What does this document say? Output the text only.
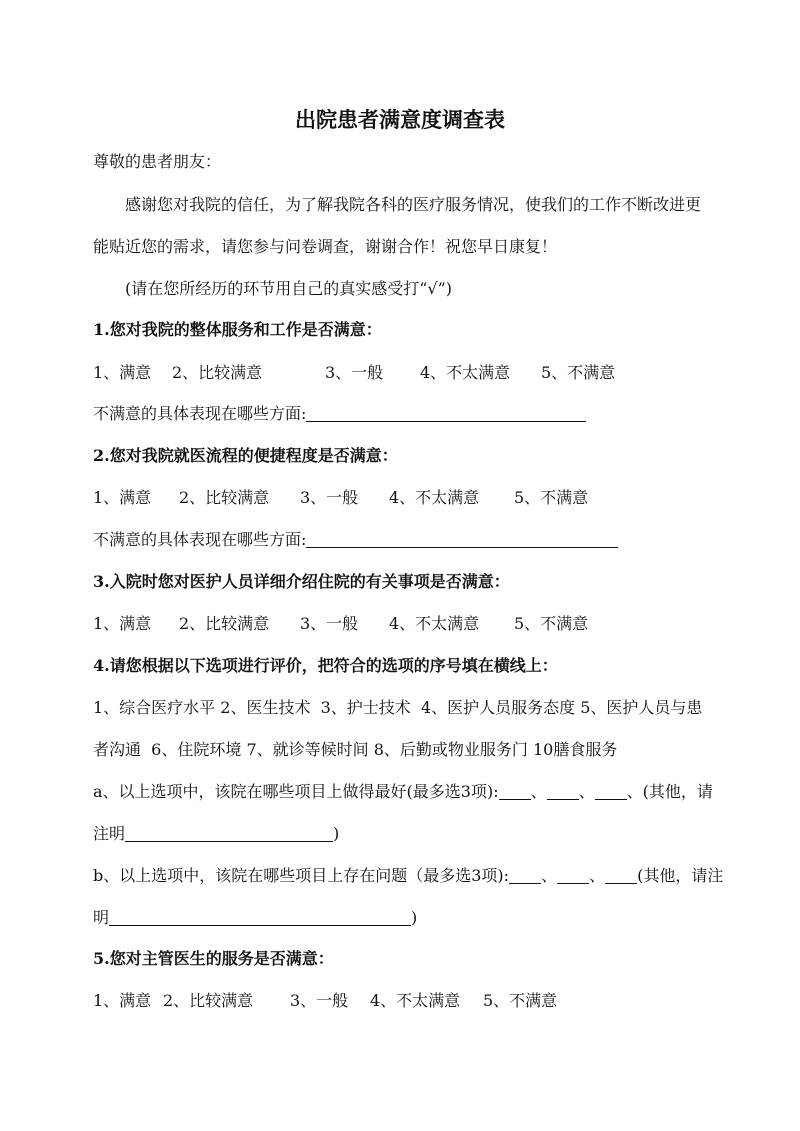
出院患者满意度调查表
尊敬的患者朋友：
感谢您对我院的信任，为了解我院各科的医疗服务情况，使我们的工作不断改进更
能贴近您的需求，请您参与问卷调查，谢谢合作！祝您早日康复！
(请在您所经历的环节用自己的真实感受打“√”)
1.您对我院的整体服务和工作是否满意：

1、满意

2、比较满意

	3、一般

4、不太满意

5、不满意

不满意的具体表现在哪些方面:
2.您对我院就医流程的便捷程度是否满意：

1、满意

2、比较满意

3、一般

4、不太满意

5、不满意

不满意的具体表现在哪些方面:
3.入院时您对医护人员详细介绍住院的有关事项是否满意：

1、满意

2、比较满意

3、一般

4、不太满意

5、不满意

4.请您根据以下选项进行评价，把符合的选项的序号填在横线上：
1、综合医疗水平 2、医生技术  3、护士技术  4、医护人员服务态度 5、医护人员与患
者沟通  6、住院环境 7、就诊等候时间 8、后勤或物业服务门 10膳食服务
a、以上选项中，该院在哪些项目上做得最好(最多选3项): 、 、 、(其他，请
注明	)
b、以上选项中，该院在哪些项目上存在问题（最多选3项): 、 、 (其他，请注
明	)
5.您对主管医生的服务是否满意：

1、满意

2、比较满意

3、一般

4、不太满意

5、不满意
